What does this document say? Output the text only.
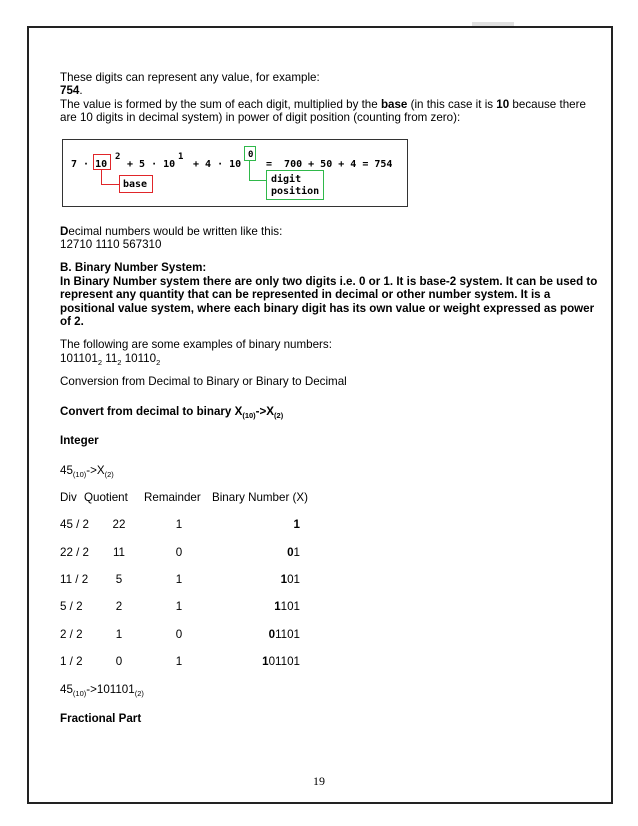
These digits can represent any value, for example:

754.

The value is formed by the sum of each digit, multiplied by the base (in this case it is 10 because there are 10 digits in decimal system) in power of digit position (counting from zero):

7 · 10
2
+ 5 · 10
1
+ 4 · 10
0
=  700 + 50 + 4 = 754
base	digit
position

Decimal numbers would be written like this:

12710 1110 567310

B. Binary Number System:

In Binary Number system there are only two digits i.e. 0 or 1. It is base-2 system. It can be used to represent any quantity that can be represented in decimal or other number system. It is a positional value system, where each binary digit has its own value or weight expressed as power of 2.

The following are some examples of binary numbers:

$101101_2$ $11_2$ $10110_2$

Conversion from Decimal to Binary or Binary to Decimal

Convert from decimal to binary $X_{(10)}->X_{(2)}$

Integer

$45_{(10)}->X_{(2)}$

Div Quotient	Remainder Binary Number (X)
45 / 2	22	1	1
22 / 2	11	0	01
11 / 2	5	1	101
5 / 2	2	1	1101
2 / 2	1	0	01101
1 / 2	0	1	101101

$45_{(10)}->101101_{(2)}$

Fractional Part

19
